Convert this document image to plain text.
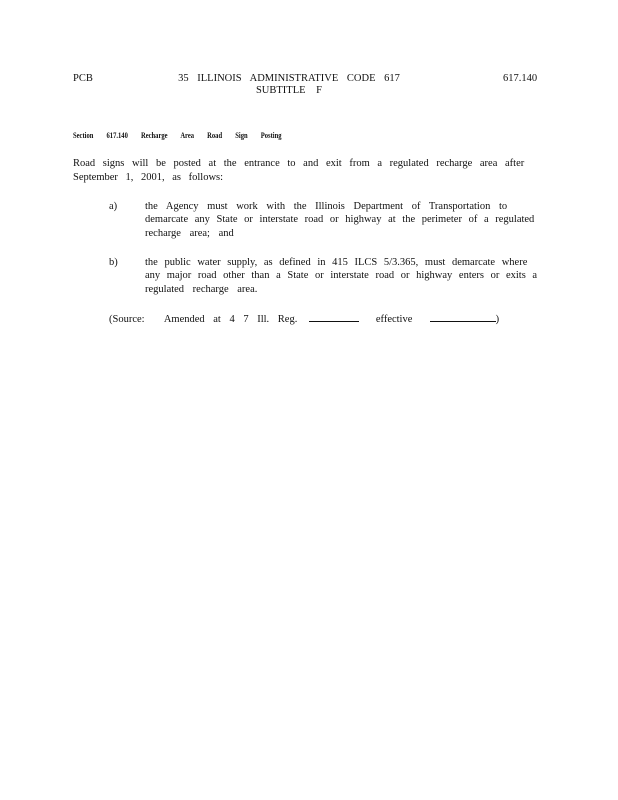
PCB	35 ILLINOIS ADMINISTRATIVE CODE 617
SUBTITLE F
617.140
Section 617.140 Recharge Area Road Sign Posting
Road signs will be posted at the entrance to and exit from a regulated recharge area after
September 1, 2001, as follows:
a)	the Agency must work with the Illinois Department of Transportation to
demarcate any State or interstate road or highway at the perimeter of a regulated
recharge area; and
b)	the public water supply, as defined in 415 ILCS 5/3.365, must demarcate where
any major road other than a State or interstate road or highway enters or exits a
regulated recharge area.
(Source: Amended at 4 7 Ill. Reg.	effective	)
